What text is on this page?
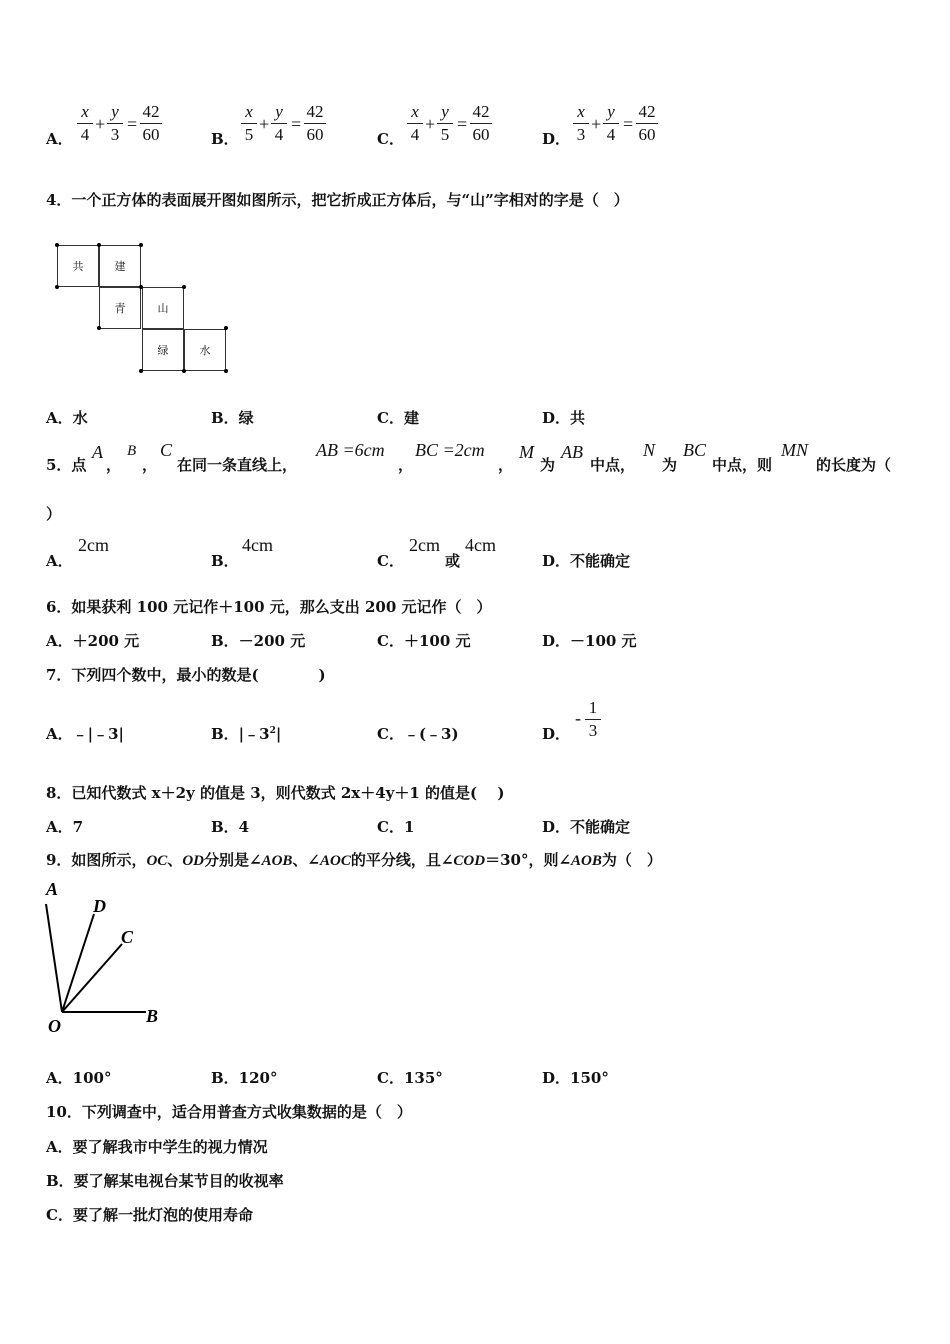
A．
x
4
+
y
3
=
42
60	B．
x
5
+
y
4
=
42
60	C．
x
4
+
y
5
=
42
60	D．
x
3
+
y
4
=
42
60
4．一个正方体的表面展开图如图所示，把它折成正方体后，与“山”字相对的字是（　）
共	建
青	山
绿	水
A．水	B．绿	C．建	D．共
5．点
A
，
B
，
C
在同一条直线上，
AB =6cm
，
BC =2cm
，
M
为
AB
中点，
N
为
BC
中点，则
MN
的长度为（
）
A．
2cm
B．
4cm
C．
2cm
或
4cm
D．不能确定
6．如果获利 100 元记作＋100 元，那么支出 200 元记作（　）
A．＋200 元	B．－200 元	C．＋100 元	D．－100 元
7．下列四个数中，最小的数是(　　　　)
A．﹣|﹣3|	B．$|﹣3^2|$	C．﹣(﹣3)	D．
-
1
3
8．已知代数式 x＋2y 的值是 3，则代数式 2x＋4y＋1 的值是(　 )
A．7	B．4	C．1	D．不能确定
9．如图所示，OC、OD分别是∠AOB、∠AOC的平分线，且∠COD＝30°，则∠AOB为（　）
A
D
C
O	B
A．100°	B．120°	C．135°	D．150°
10．下列调查中，适合用普查方式收集数据的是（　）
A．要了解我市中学生的视力情况
B．要了解某电视台某节目的收视率
C．要了解一批灯泡的使用寿命
